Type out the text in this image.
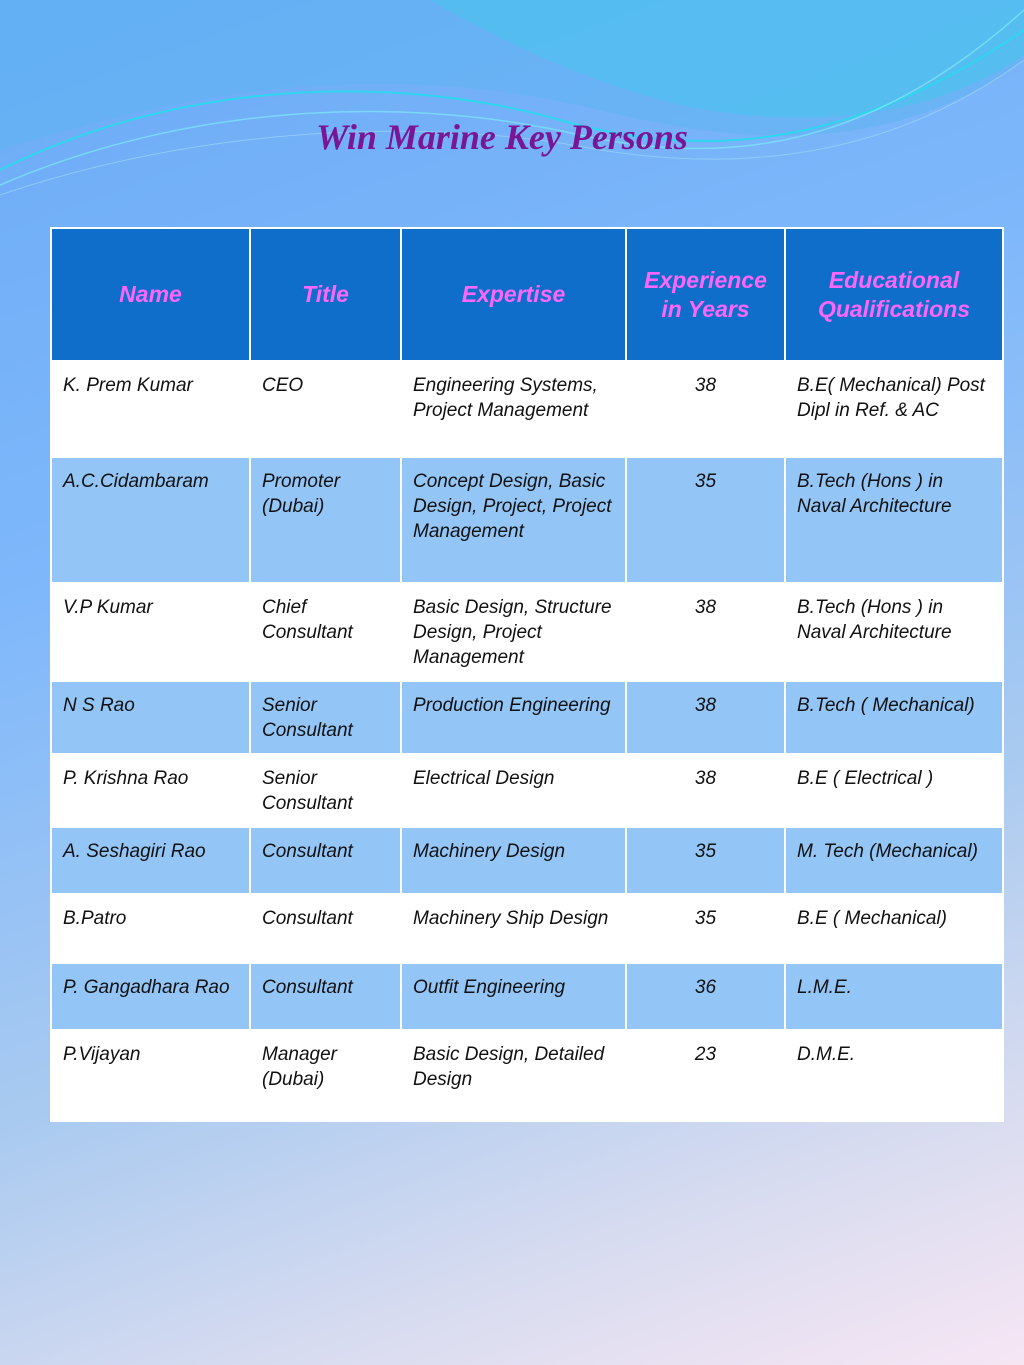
Win Marine Key Persons
Name	Title	Expertise	Experience in Years	Educational Qualifications
K. Prem Kumar	CEO	Engineering Systems, Project Management	38	B.E( Mechanical) Post Dipl in Ref. & AC
A.C.Cidambaram	Promoter (Dubai)	Concept Design, Basic Design, Project, Project Management	35	B.Tech (Hons ) in Naval Architecture
V.P Kumar	Chief Consultant	Basic Design, Structure Design, Project Management	38	B.Tech (Hons ) in Naval Architecture
N S Rao	Senior Consultant	Production Engineering	38	B.Tech ( Mechanical)
P. Krishna Rao	Senior Consultant	Electrical Design	38	B.E ( Electrical )
A. Seshagiri Rao	Consultant	Machinery Design	35	M. Tech (Mechanical)
B.Patro	Consultant	Machinery Ship Design	35	B.E ( Mechanical)
P. Gangadhara Rao	Consultant	Outfit Engineering	36	L.M.E.
P.Vijayan	Manager (Dubai)	Basic Design, Detailed Design	23	D.M.E.
